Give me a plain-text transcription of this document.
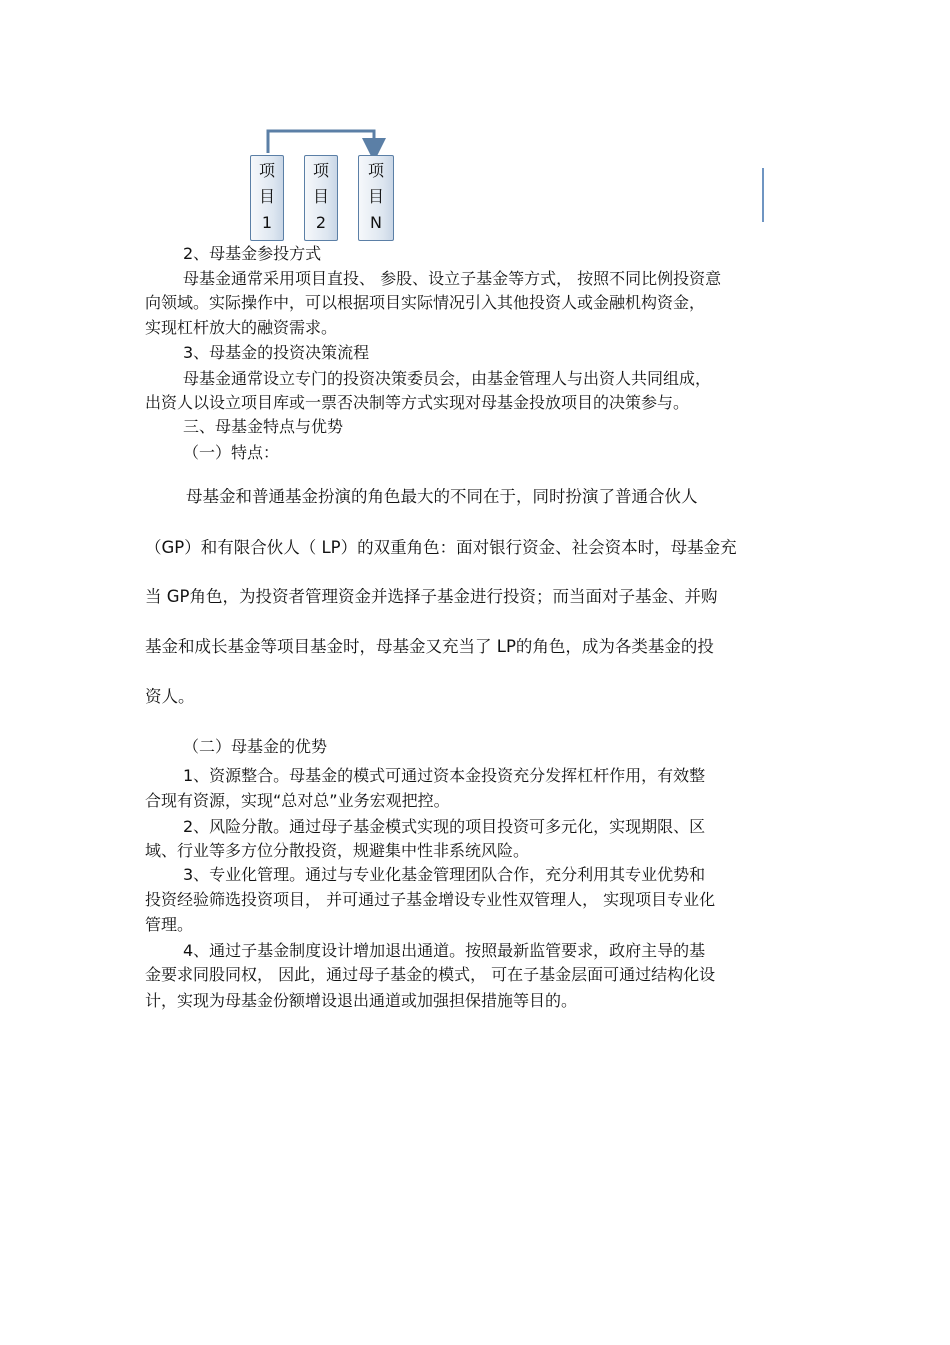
项
目
1
项
目
2
项
目
N
2、母基金参投方式
母基金通常采用项目直投、 参股、设立子基金等方式， 按照不同比例投资意
向领域。实际操作中，可以根据项目实际情况引入其他投资人或金融机构资金，
实现杠杆放大的融资需求。
3、母基金的投资决策流程
母基金通常设立专门的投资决策委员会，由基金管理人与出资人共同组成，
出资人以设立项目库或一票否决制等方式实现对母基金投放项目的决策参与。
三、母基金特点与优势
（一）特点：
母基金和普通基金扮演的角色最大的不同在于，同时扮演了普通合伙人
（GP）和有限合伙人（ LP）的双重角色：面对银行资金、社会资本时，母基金充
当 GP角色，为投资者管理资金并选择子基金进行投资；而当面对子基金、并购
基金和成长基金等项目基金时，母基金又充当了 LP的角色，成为各类基金的投
资人。
（二）母基金的优势
1、资源整合。母基金的模式可通过资本金投资充分发挥杠杆作用，有效整
合现有资源，实现“总对总”业务宏观把控。
2、风险分散。通过母子基金模式实现的项目投资可多元化，实现期限、区
域、行业等多方位分散投资，规避集中性非系统风险。
3、专业化管理。通过与专业化基金管理团队合作，充分利用其专业优势和
投资经验筛选投资项目， 并可通过子基金增设专业性双管理人， 实现项目专业化
管理。
4、通过子基金制度设计增加退出通道。按照最新监管要求，政府主导的基
金要求同股同权， 因此，通过母子基金的模式， 可在子基金层面可通过结构化设
计，实现为母基金份额增设退出通道或加强担保措施等目的。
